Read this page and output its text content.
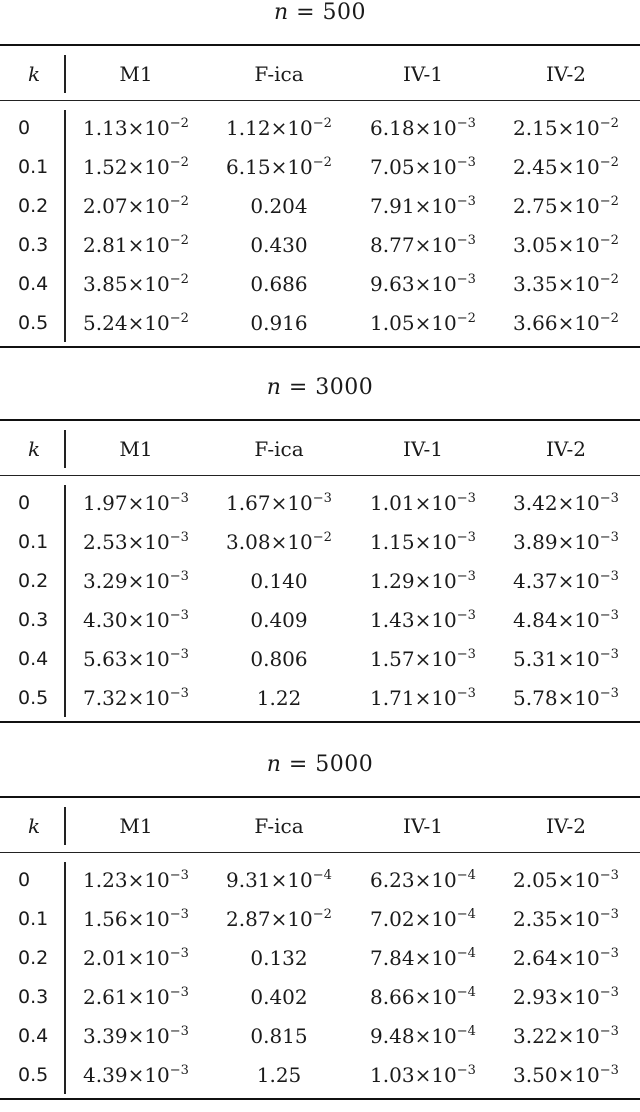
n = 500
k	M1	F-ica	IV-1	IV-2
0	$1.13\times 10^{-2}$ $1.12\times 10^{-2}$ $6.18\times 10^{-3}$ $2.15\times 10^{-2}$
0.1 $1.52\times 10^{-2}$ $6.15\times 10^{-2}$ $7.05\times 10^{-3}$ $2.45\times 10^{-2}$
0.2 $2.07\times 10^{-2}$	0.204	$7.91\times 10^{-3}$ $2.75\times 10^{-2}$
0.3 $2.81\times 10^{-2}$	0.430	$8.77\times 10^{-3}$ $3.05\times 10^{-2}$
0.4 $3.85\times 10^{-2}$	0.686	$9.63\times 10^{-3}$ $3.35\times 10^{-2}$
0.5 $5.24\times 10^{-2}$	0.916	$1.05\times 10^{-2}$ $3.66\times 10^{-2}$
n = 3000
k	M1	F-ica	IV-1	IV-2
0	$1.97\times 10^{-3}$ $1.67\times 10^{-3}$ $1.01\times 10^{-3}$ $3.42\times 10^{-3}$
0.1 $2.53\times 10^{-3}$ $3.08\times 10^{-2}$ $1.15\times 10^{-3}$ $3.89\times 10^{-3}$
0.2 $3.29\times 10^{-3}$	0.140	$1.29\times 10^{-3}$ $4.37\times 10^{-3}$
0.3 $4.30\times 10^{-3}$	0.409	$1.43\times 10^{-3}$ $4.84\times 10^{-3}$
0.4 $5.63\times 10^{-3}$	0.806	$1.57\times 10^{-3}$ $5.31\times 10^{-3}$
0.5 $7.32\times 10^{-3}$	1.22	$1.71\times 10^{-3}$ $5.78\times 10^{-3}$
n = 5000
k	M1	F-ica	IV-1	IV-2
0	$1.23\times 10^{-3}$ $9.31\times 10^{-4}$ $6.23\times 10^{-4}$ $2.05\times 10^{-3}$
0.1 $1.56\times 10^{-3}$ $2.87\times 10^{-2}$ $7.02\times 10^{-4}$ $2.35\times 10^{-3}$
0.2 $2.01\times 10^{-3}$	0.132	$7.84\times 10^{-4}$ $2.64\times 10^{-3}$
0.3 $2.61\times 10^{-3}$	0.402	$8.66\times 10^{-4}$ $2.93\times 10^{-3}$
0.4 $3.39\times 10^{-3}$	0.815	$9.48\times 10^{-4}$ $3.22\times 10^{-3}$
0.5 $4.39\times 10^{-3}$	1.25	$1.03\times 10^{-3}$ $3.50\times 10^{-3}$
